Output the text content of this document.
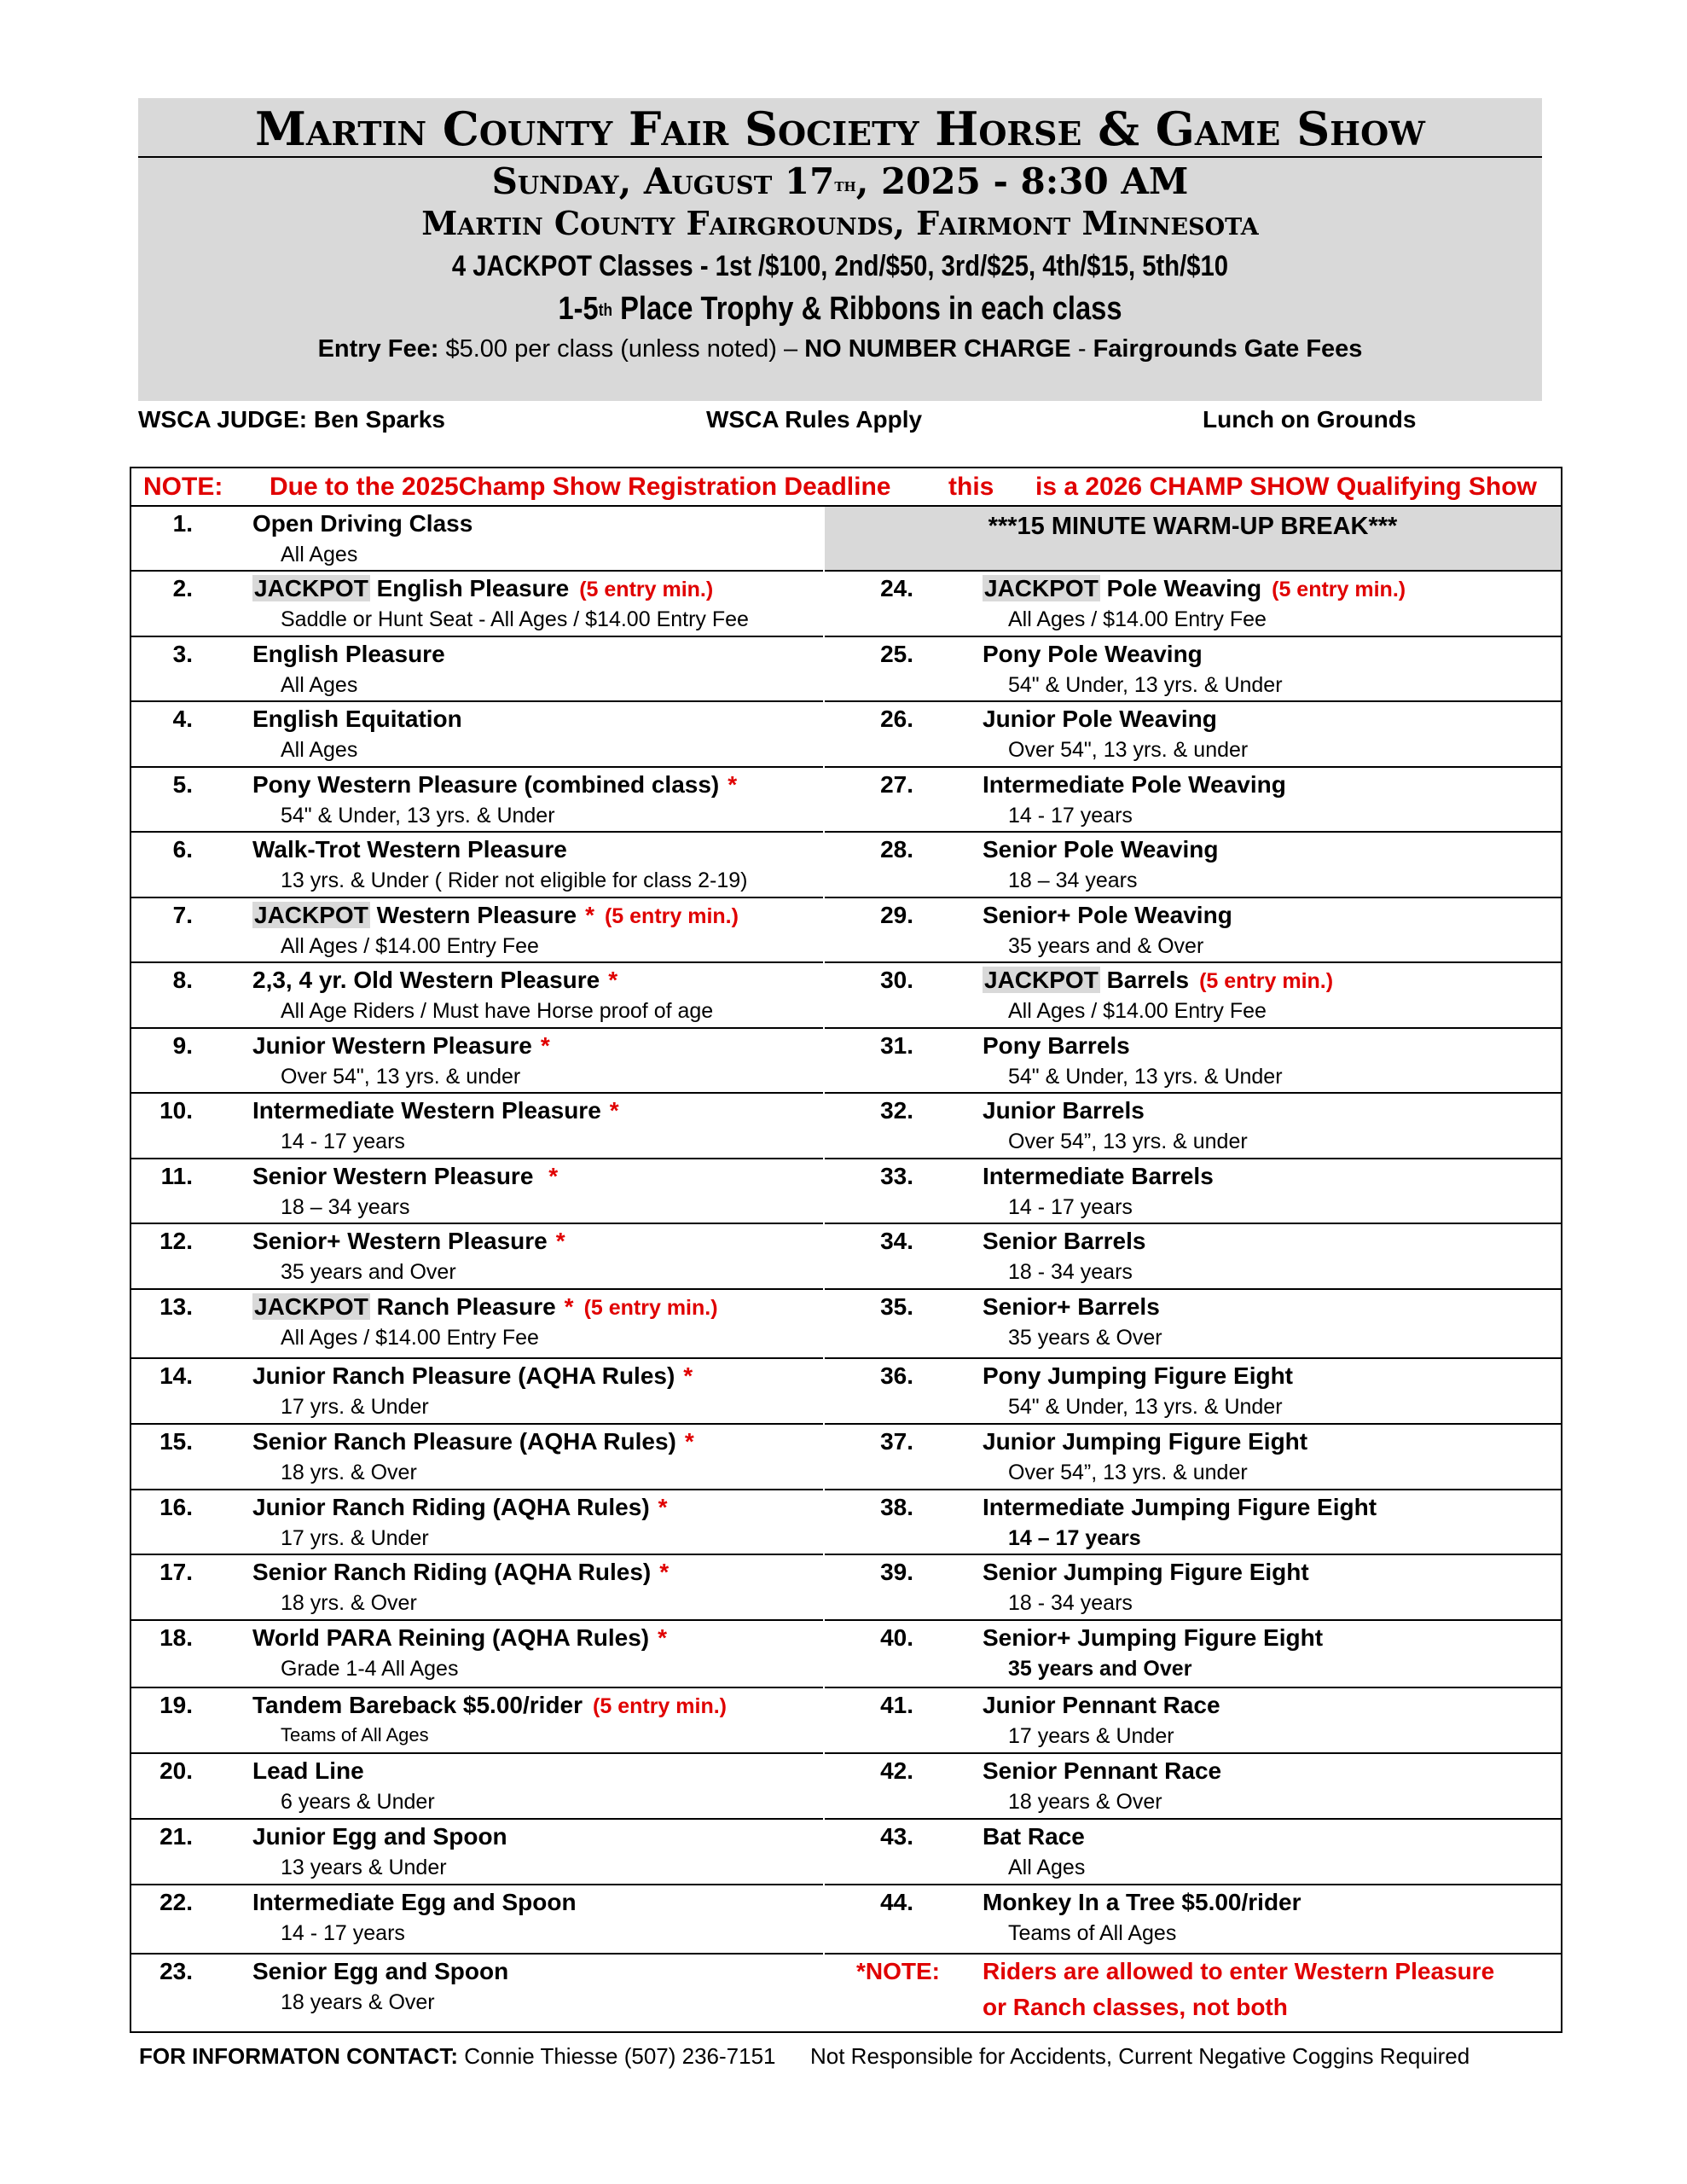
Martin County Fair Society Horse & Game Show
Sunday, August 17th, 2025 - 8:30 AM
Martin County Fairgrounds, Fairmont Minnesota
4 JACKPOT Classes - 1st /$100, 2nd/$50, 3rd/$25, 4th/$15, 5th/$10
1-5th Place Trophy & Ribbons in each class
Entry Fee: $5.00 per class (unless noted) – NO NUMBER CHARGE - Fairgrounds Gate Fees
WSCA JUDGE: Ben Sparks	WSCA Rules Apply	Lunch on Grounds
NOTE: Due to the 2025Champ Show Registration Deadline this is a 2026 CHAMP SHOW Qualifying Show
1.	Open Driving Class
All Ages
2.	JACKPOT English Pleasure (5 entry min.)
Saddle or Hunt Seat - All Ages / $14.00 Entry Fee
3.	English Pleasure
All Ages
4.	English Equitation
All Ages
5.	Pony Western Pleasure (combined class) *
54" & Under, 13 yrs. & Under
6.	Walk-Trot Western Pleasure
13 yrs. & Under ( Rider not eligible for class 2-19)
7.	JACKPOT Western Pleasure * (5 entry min.)
All Ages / $14.00 Entry Fee
8.	2,3, 4 yr. Old Western Pleasure *
All Age Riders / Must have Horse proof of age
9.	Junior Western Pleasure *
Over 54", 13 yrs. & under
10.	Intermediate Western Pleasure *
14 - 17 years
11.	Senior Western Pleasure *
18 – 34 years
12.	Senior+ Western Pleasure *
35 years and Over
13.	JACKPOT Ranch Pleasure * (5 entry min.)
All Ages / $14.00 Entry Fee
14.	Junior Ranch Pleasure (AQHA Rules) *
17 yrs. & Under
15.	Senior Ranch Pleasure (AQHA Rules) *
18 yrs. & Over
16.	Junior Ranch Riding (AQHA Rules) *
17 yrs. & Under
17.	Senior Ranch Riding (AQHA Rules) *
18 yrs. & Over
18.	World PARA Reining (AQHA Rules) *
Grade 1-4 All Ages
19.	Tandem Bareback $5.00/rider (5 entry min.)
Teams of All Ages
20.	Lead Line
6 years & Under
21.	Junior Egg and Spoon
13 years & Under
22.	Intermediate Egg and Spoon
14 - 17 years
23.	Senior Egg and Spoon
18 years & Over
***15 MINUTE WARM-UP BREAK***
24.	JACKPOT Pole Weaving (5 entry min.)
All Ages / $14.00 Entry Fee
25.	Pony Pole Weaving
54" & Under, 13 yrs. & Under
26.	Junior Pole Weaving
Over 54", 13 yrs. & under
27.	Intermediate Pole Weaving
14 - 17 years
28.	Senior Pole Weaving
18 – 34 years
29.	Senior+ Pole Weaving
35 years and & Over
30.	JACKPOT Barrels (5 entry min.)
All Ages / $14.00 Entry Fee
31.	Pony Barrels
54" & Under, 13 yrs. & Under
32.	Junior Barrels
Over 54”, 13 yrs. & under
33.	Intermediate Barrels
14 - 17 years
34.	Senior Barrels
18 - 34 years
35.	Senior+ Barrels
35 years & Over
36.	Pony Jumping Figure Eight
54" & Under, 13 yrs. & Under
37.	Junior Jumping Figure Eight
Over 54”, 13 yrs. & under
38.	Intermediate Jumping Figure Eight
14 – 17 years
39.	Senior Jumping Figure Eight
18 - 34 years
40.	Senior+ Jumping Figure Eight
35 years and Over
41.	Junior Pennant Race
17 years & Under
42.	Senior Pennant Race
18 years & Over
43.	Bat Race
All Ages
44.	Monkey In a Tree $5.00/rider
Teams of All Ages
*NOTE: Riders are allowed to enter Western Pleasure
or Ranch classes, not both
FOR INFORMATON CONTACT: Connie Thiesse (507) 236-7151 Not Responsible for Accidents, Current Negative Coggins Required
